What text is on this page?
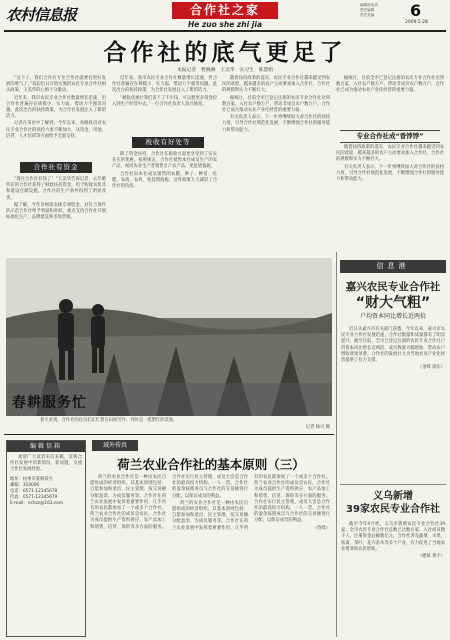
农村信息报	合作社之家
He zuo she zhi jia
编辑部电话
责任编辑
责任美编 6
2009.5.28
合作社的底气更足了
本报记者　曹婉琳　王美华　实习生　陈慧娟

“这下子，我们合作社专业合作社就要有更好发展的底气了。”说起近日开始实施的农民专业合作社相关政策，王美华的心情十分激动。

近年来，我市农民专业合作社数量增长迅速，但合作社普遍存在规模小、实力弱、带动力不强等问题。此次出台的扶持政策，为合作社发展注入了新的活力。

记者在采访中了解到，今年以来，各级政府对农民专业合作社的扶持力度不断加大，从资金、用地、信贷、人才培训等方面给予全面支持。

合作社有资金

“现在合作社有钱了！”王美华告诉记者，去年她所在的合作社获得了财政扶持资金，用于购置农机具和建设仓储设施，合作社的生产条件得到了明显改善。

据了解，今年市财政安排专项资金，对符合条件的示范合作社给予奖励和补助，重点支持合作社开展标准化生产、品牌建设和市场营销。

近年来，我市农民专业合作社数量增长迅速，但合作社普遍存在规模小、实力弱、带动力不强等问题。此次出台的扶持政策，为合作社发展注入了新的活力。

“税收优惠让我们省下了不少钱，可以把更多资金投入到生产经营中去。”一位合作社负责人高兴地说。

税收有好处等

除了资金扶持，合作社在税收方面也享受到了实实在在的优惠。按照规定，合作社销售本社成员生产的农产品，视同农业生产者销售自产农产品，免征增值税。

合作社向本社成员销售的农膜、种子、种苗、化肥、农药、农机，免征增值税。这些政策大大减轻了合作社的负担。

随着扶持政策的落实，农民专业合作社越来越受到农民的欢迎。越来越多的农户主动要求加入合作社，合作社的规模和实力不断壮大。

据统计，目前全市已登记注册的农民专业合作社达到数百家，入社农户数万户，带动非成员农户数万户，合作社已成为推动农业产业化经营的重要力量。

有关负责人表示，下一步将继续加大对合作社的扶持力度，引导合作社规范化发展，不断增强合作社的服务能力和带动能力。

据统计，目前全市已登记注册的农民专业合作社达到数百家，入社农户数万户，带动非成员农户数万户，合作社已成为推动农业产业化经营的重要力量。

专业合作社成“香饽饽”

随着扶持政策的落实，农民专业合作社越来越受到农民的欢迎。越来越多的农户主动要求加入合作社，合作社的规模和实力不断壮大。

有关负责人表示，下一步将继续加大对合作社的扶持力度，引导合作社规范化发展，不断增强合作社的服务能力和带动能力。

春耕服务忙
春天来到，合作社的社员们正忙着在田间劳作，到处是一派繁忙的景象。
记者 杨兴 摄
信息港
嘉兴农民专业合作社
“财大气粗”
户均资本同比增长近两倍

近日从嘉兴市有关部门获悉，今年以来，嘉兴市农民专业合作社发展迅速，合作社数量和质量都有了明显提升。截至目前，全市已登记注册的农民专业合作社户均资本同比增长近两倍，成员数量大幅增加，带动农户增收效果显著。合作社的发展壮大为当地农业产业化经营提供了有力支撑。

（金峰 徐东）

义乌新增
39家农民专业合作社

截至今年4月底，义乌市新增农民专业合作社39家，全市农民专业合作社总数已达数百家，入社成员数千人，注册资金总额数亿元。合作社涉及蔬菜、水果、畜禽、茶叶、花卉苗木等多个产业，有力促进了当地农业增效和农民增收。

（楼斌 黄宇）

编辑信箱

欢迎广大读者来信来稿，反映合作社发展中的新情况、新问题，交流合作社发展经验。

地址：杭州市某路某号
邮编：310000
电话：0571-12345678
传真：0571-12345679
E-mail：nchzs@163.com
域外传真
荷兰农业合作社的基本原则（三）

荷兰的农业合作社是一种由农民自愿组成的经济组织，其基本原则包括：自愿参加和退出、民主管理、按交易额分配盈余、为成员服务等。合作社在荷兰农业发展中发挥着重要作用，几乎所有的农民都参加了一个或多个合作社。荷兰农业合作社的成员是农民，合作社为成员提供生产资料供应、农产品加工和销售、信贷、保险等多方面的服务。合作社实行民主管理，成员大会是合作社的最高权力机构，一人一票。合作社的盈余按照成员与合作社的交易额进行分配，以保证成员的利益。

荷兰的农业合作社是一种由农民自愿组成的经济组织，其基本原则包括：自愿参加和退出、民主管理、按交易额分配盈余、为成员服务等。合作社在荷兰农业发展中发挥着重要作用，几乎所有的农民都参加了一个或多个合作社。荷兰农业合作社的成员是农民，合作社为成员提供生产资料供应、农产品加工和销售、信贷、保险等多方面的服务。合作社实行民主管理，成员大会是合作社的最高权力机构，一人一票。合作社的盈余按照成员与合作社的交易额进行分配，以保证成员的利益。

（待续）
